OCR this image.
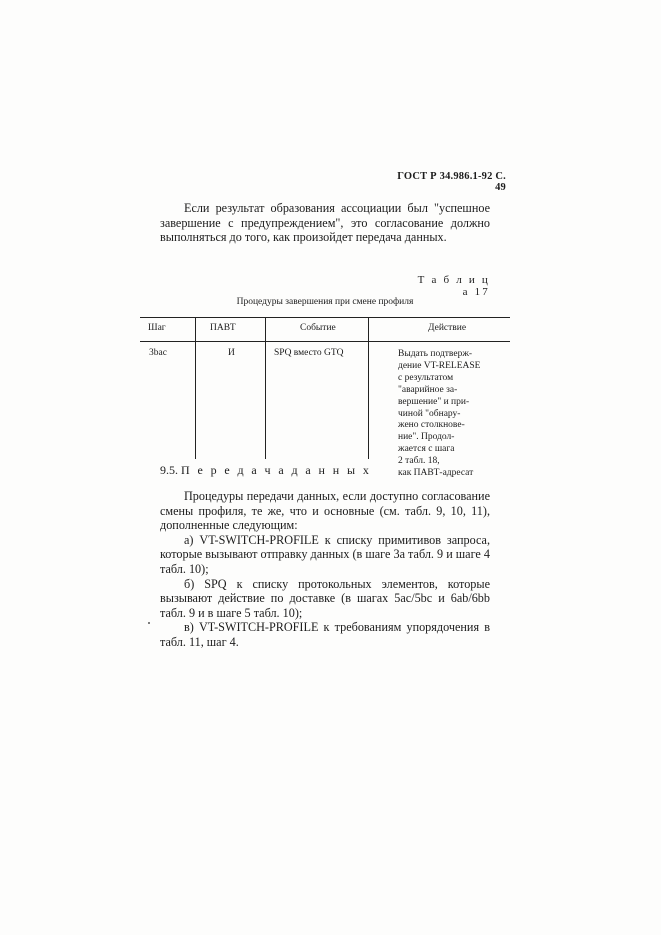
ГОСТ Р 34.986.1-92 С. 49

Если результат образования ассоциации был "успешное завершение с предупреждением", это согласование должно выполняться до того, как произойдет передача данных.

Т а б л и ц а 17
Процедуры завершения при смене профиля
Шаг	ПАВТ	Событие	Действие
3bac	И	SPQ вместо GTQ	Выдать подтверж-
дение VT-RELEASE
с результатом
"аварийное за-
вершение" и при-
чиной "обнару-
жено столкнове-
ние". Продол-
жается с шага
2 табл. 18,
как ПАВТ-адресат
9.5. П е р е д а ч а д а н н ы х

Процедуры передачи данных, если доступно согласование смены профиля, те же, что и основные (см. табл. 9, 10, 11), дополненные следующим:

а) VT-SWITCH-PROFILE к списку примитивов запроса, которые вызывают отправку данных (в шаге 3а табл. 9 и шаге 4 табл. 10);

б) SPQ к списку протокольных элементов, которые вызывают действие по доставке (в шагах 5ас/5bc и 6ab/6bb табл. 9 и в шаге 5 табл. 10);

в) VT-SWITCH-PROFILE к требованиям упорядочения в табл. 11, шаг 4.
